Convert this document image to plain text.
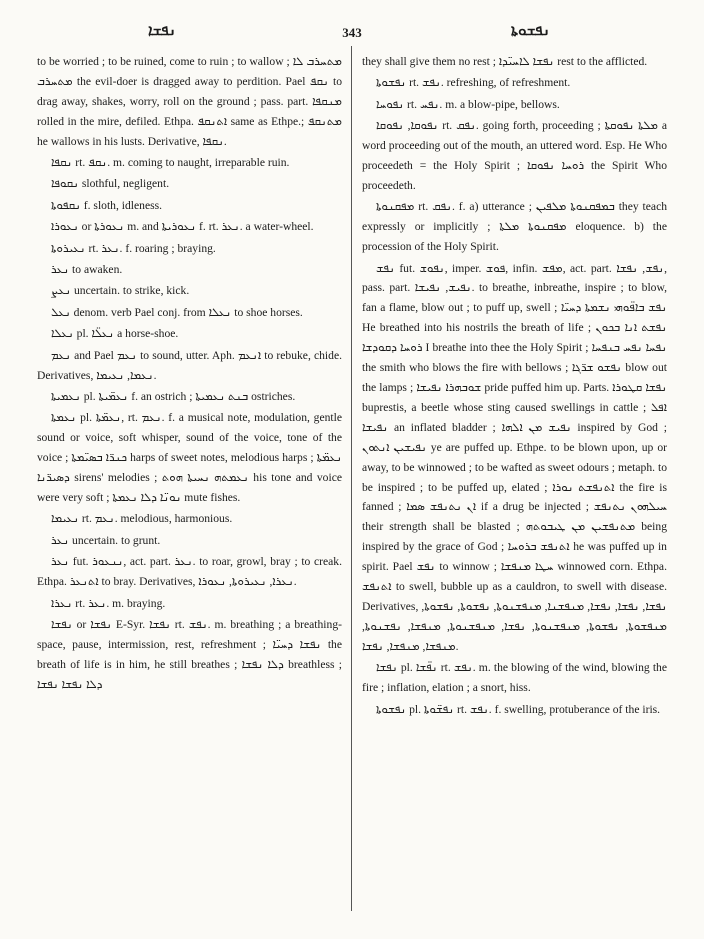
ܢܦܫܐ	343	ܢܦܫܘܬܐ

to be worried ; to be ruined, come to ruin ; to wallow ; ܡܬܚܪܒ ܠܐ ܡܬܚܪܒ the evil-doer is dragged away to perdition. Pael ܢܩܦ to drag away, shakes, worry, roll on the ground ; pass. part. ܡܢܩܦܐ rolled in the mire, defiled. Ethpa. ܐܬܢܩܦ same as Ethpe.; ܡܬܢܩܦ he wallows in his lusts. Derivative, ܢܩܦܐ.

ܢܩܦܐ rt. ܢܩܦ. m. coming to naught, irreparable ruin.

ܢܩܘܦܐ slothful, negligent.

ܢܩܦܘܬܐ f. sloth, idleness.

ܢܥܘܪܐ or ܢܥܘܪܬܐ m. and ܢܥܘܪܝܬܐ f. rt. ܢܥܪ. a water-wheel.

ܢܥܝܪܘܬܐ rt. ܢܥܪ. f. roaring ; braying.

ܢܥܪ to awaken.

ܢܥܨ uncertain. to strike, kick.

ܢܥܠ denom. verb Pael conj. from ܢܥܠܐ to shoe horses.

ܢܥܠܐ pl. ܢܥܠ̈ܐ a horse-shoe.

ܢܥܡ and Pael ܢܥܡ to sound, utter. Aph. ܐܢܥܡ to rebuke, chide. Derivatives, ܢܥܡܐ, ܢܥܝܡܐ.

ܢܥܡܝܬܐ pl. ܢܥܡ̈ܝܬܐ f. an ostrich ; ܒܢܬ ܢܥܡܝܬܐ ostriches.

ܢܥܡܬܐ pl. ܢܥܡ̈ܬܐ, rt. ܢܥܡ. f. a musical note, modulation, gentle sound or voice, soft whisper, sound of the voice, tone of the voice ; ܟܢܪ̈ܐ ܒܣܝ̈ܡܬܐ harps of sweet notes, melodious harps ; ܢܥܡ̈ܬܐ ܕܣܝܪ̈ܢܐ sirens' melodies ; ܢܥܡܬܗ ܢܚܝܬܐ ܗܘܬ his tone and voice were very soft ; ܢܘܢ̈ܐ ܕܠܐ ܢܥܡܬܐ mute fishes.

ܢܥܝܡܐ rt. ܢܥܡ. melodious, harmonious.

ܢܥܪ uncertain. to grunt.

ܢܥܪ fut. ܢܢܥܘܪ, act. part. ܢܥܪ. to roar, growl, bray ; to creak. Ethpa. ܐܬܢܥܪ to bray. Derivatives, ܢܥܪܐ, ܢܥܝܪܘܬܐ, ܢܥܘܪܐ.

ܢܥܪܐ rt. ܢܥܪ. m. braying.

ܢܦܫܐ or ܢܦܫܐ E-Syr. ܢܦܫܐ rt. ܢܦܫ. m. breathing ; a breathing-space, pause, intermission, rest, refreshment ; ܢܦܫܐ ܕܚܝ̈ܐ the breath of life is in him, he still breathes ; ܕܠܐ ܢܦܫܐ breathless ; ܕܠܐ ܢܦܫܐ ܢܦܫܐ

they shall give them no rest ; ܢܦܫܐ ܠܐܚܝ̈ܕܐ rest to the afflicted.

ܢܦܫܘܬܐ rt. ܢܦܫ. refreshing, of refreshment.

ܢܦܘܚܐ rt. ܢܦܚ. m. a blow-pipe, bellows.

ܢܦܘܩܐ, ܢܦܘܩܐ rt. ܢܦܩ. going forth, proceeding ; ܡܠܬܐ ܢܦܘܩܬܐ a word proceeding out of the mouth, an uttered word. Esp. He Who proceedeth = the Holy Spirit ; ܪܘܚܐ ܢܦܘܩܐ the Spirit Who proceedeth.

ܡܦܩܢܘܬܐ rt. ܢܦܩ. f. a) utterance ; ܒܡܦܩܢܘܬܐ ܡܠܦܝܢ they teach expressly or implicitly ; ܡܦܩܢܘܬܐ ܡܠܬܐ eloquence. b) the procession of the Holy Spirit.

ܢܦܫ fut. ܢܦܘܫ, imper. ܦܘܫ, infin. ܡܦܫ, act. part. ܢܦܫ, ܢܦܫܐ, pass. part. ܢܦܝܫ, ܢܦܝܫܐ. to breathe, inbreathe, inspire ; to blow, fan a flame, blow out ; to puff up, swell ; ܢܦܫ ܒܐܦ̈ܘܗܝ ܢܫܡܬܐ ܕܚܝ̈ܐ He breathed into his nostrils the breath of life ; ܢܦܫܬ ܐܢܐ ܒܟܘܢ ܪܘܚܐ ܕܩܘܕܫܐ I breathe into thee the Holy Spirit ; ܢܦܚܐ ܢܦܚ ܒܢܦܚܐ the smith who blows the fire with bellows ; ܢܦܫܘ ܫܪ̈ܓܐ blow out the lamps ; ܫܘܒܗܪܐ ܢܦܝܫܐ pride puffed him up. Parts. ܢܦܫܐ ܩܛܘܪܐ buprestis, a beetle whose sting caused swellings in cattle ; ܐܦܠ ܢܦܝܫܐ an inflated bladder ; ܢܦܝܫ ܡܢ ܐܠܗܐ inspired by God ; ܢܦܝܫܝܢ ܐܢܬܘܢ ye are puffed up. Ethpe. to be blown upon, up or away, to be winnowed ; to be wafted as sweet odours ; metaph. to be inspired ; to be puffed up, elated ; ܐܬܢܦܫܬ ܢܘܪܐ the fire is fanned ; ܐܢ ܢܬܢܦܫ ܣܡܐ if a drug be injected ; ܚܝܠܗܘܢ ܢܬܢܦܫ their strength shall be blasted ; ܡܬܢܦܫܝܢ ܡܢ ܛܝܒܘܬܗ being inspired by the grace of God ; ܐܬܢܦܫ ܒܪܘܚܐ he was puffed up in spirit. Pael ܢܦܫ to winnow ; ܚܛܐ ܡܢܦܫܐ winnowed corn. Ethpa. ܐܬܢܦܫ to swell, bubble up as a cauldron, to swell with disease. Derivatives, ܢܦܫܐ, ܢܦܫܐ, ܢܦܫܐ, ܡܢܦܫܢܐ, ܡܢܦܫܢܘܬܐ, ܢܦܫܘܬܐ, ܢܦܫܘܬܐ, ܡܢܦܫܘܬܐ, ܢܦܫܘܬܐ, ܡܢܦܫܢܘܬܐ, ܢܦܫܐ, ܡܢܦܫܢܘܬܐ, ܡܢܦܫܐ, ܢܦܫܢܘܬܐ, ܡܢܦܫܐ, ܡܢܦܫܐ, ܢܦܫܐ.

ܢܦܫܐ pl. ܢܦ̈ܫܐ rt. ܢܦܫ. m. the blowing of the wind, blowing the fire ; inflation, elation ; a snort, hiss.

ܢܦܫܘܬܐ pl. ܢܦܫ̈ܘܬܐ rt. ܢܦܫ. f. swelling, protuberance of the iris.
